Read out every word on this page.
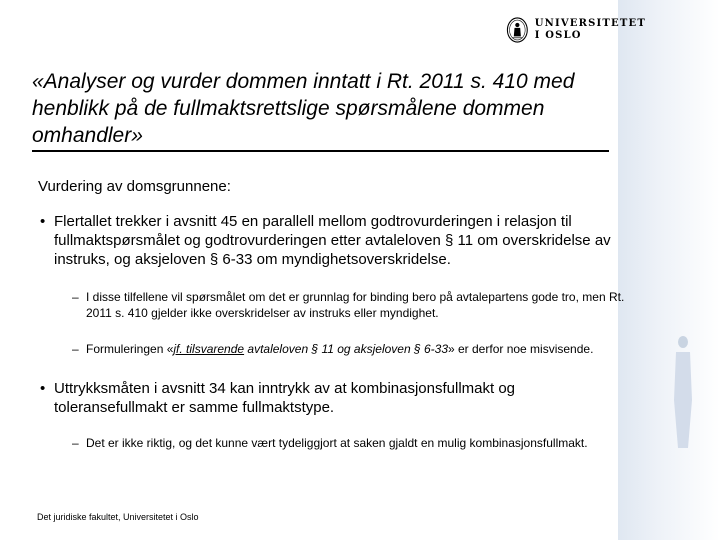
UNIVERSITETET
I OSLO
«Analyser og vurder dommen inntatt i Rt. 2011 s. 410 med henblikk på de fullmaktsrettslige spørsmålene dommen omhandler»

Vurdering av domsgrunnene:

• Flertallet trekker i avsnitt 45 en parallell mellom godtrovurderingen i relasjon til fullmaktspørsmålet og godtrovurderingen etter avtaleloven § 11 om overskridelse av instruks, og aksjeloven § 6-33 om myndighetsoverskridelse.
– I disse tilfellene vil spørsmålet om det er grunnlag for binding bero på avtalepartens gode tro, men Rt. 2011 s. 410 gjelder ikke overskridelser av instruks eller myndighet.
– Formuleringen «jf. tilsvarende avtaleloven § 11 og aksjeloven § 6-33» er derfor noe misvisende.
• Uttrykksmåten i avsnitt 34 kan inntrykk av at kombinasjonsfullmakt og toleransefullmakt er samme fullmaktstype.
– Det er ikke riktig, og det kunne vært tydeliggjort at saken gjaldt en mulig kombinasjonsfullmakt.

Det juridiske fakultet, Universitetet i Oslo
